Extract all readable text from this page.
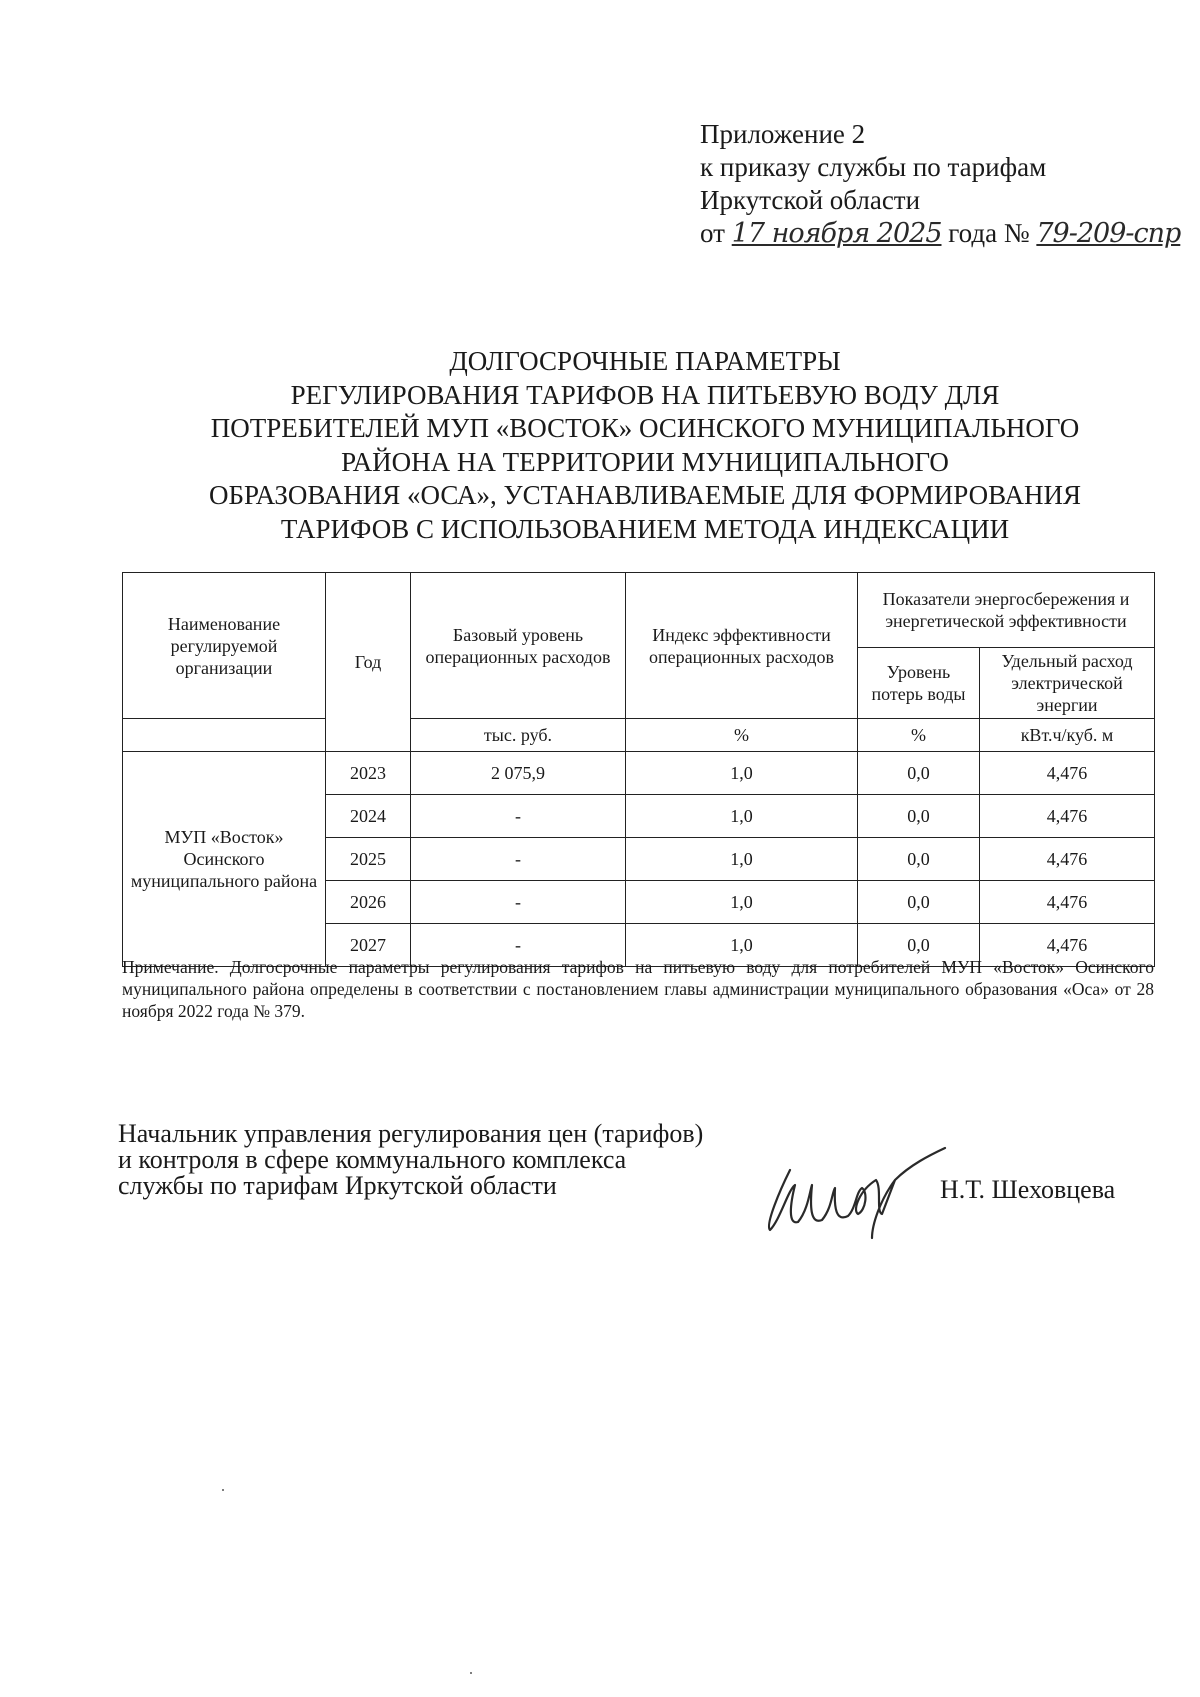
Приложение 2
к приказу службы по тарифам
Иркутской области
от 17 ноября 2025 года № 79-209-спр
ДОЛГОСРОЧНЫЕ ПАРАМЕТРЫ
РЕГУЛИРОВАНИЯ ТАРИФОВ НА ПИТЬЕВУЮ ВОДУ ДЛЯ
ПОТРЕБИТЕЛЕЙ МУП «ВОСТОК» ОСИНСКОГО МУНИЦИПАЛЬНОГО
РАЙОНА НА ТЕРРИТОРИИ МУНИЦИПАЛЬНОГО
ОБРАЗОВАНИЯ «ОСА», УСТАНАВЛИВАЕМЫЕ ДЛЯ ФОРМИРОВАНИЯ
ТАРИФОВ С ИСПОЛЬЗОВАНИЕМ МЕТОДА ИНДЕКСАЦИИ
Наименование регулируемой организации	Год	Базовый уровень операционных расходов	Индекс эффективности операционных расходов	Показатели энергосбережения и энергетической эффективности	
				Уровень потерь воды	Удельный расход электрической энергии
		тыс. руб.	%	%	кВт.ч/куб. м
МУП «Восток» Осинского муниципального района	2023	2 075,9	1,0	0,0	4,476
	2024	-	1,0	0,0	4,476
	2025	-	1,0	0,0	4,476
	2026	-	1,0	0,0	4,476
	2027	-	1,0	0,0	4,476
Примечание. Долгосрочные параметры регулирования тарифов на питьевую воду для потребителей МУП «Восток» Осинского муниципального района определены в соответствии с постановлением главы администрации муниципального образования «Оса» от 28 ноября 2022 года № 379.
Начальник управления регулирования цен (тарифов)
и контроля в сфере коммунального комплекса
службы по тарифам Иркутской области	Н.Т. Шеховцева
